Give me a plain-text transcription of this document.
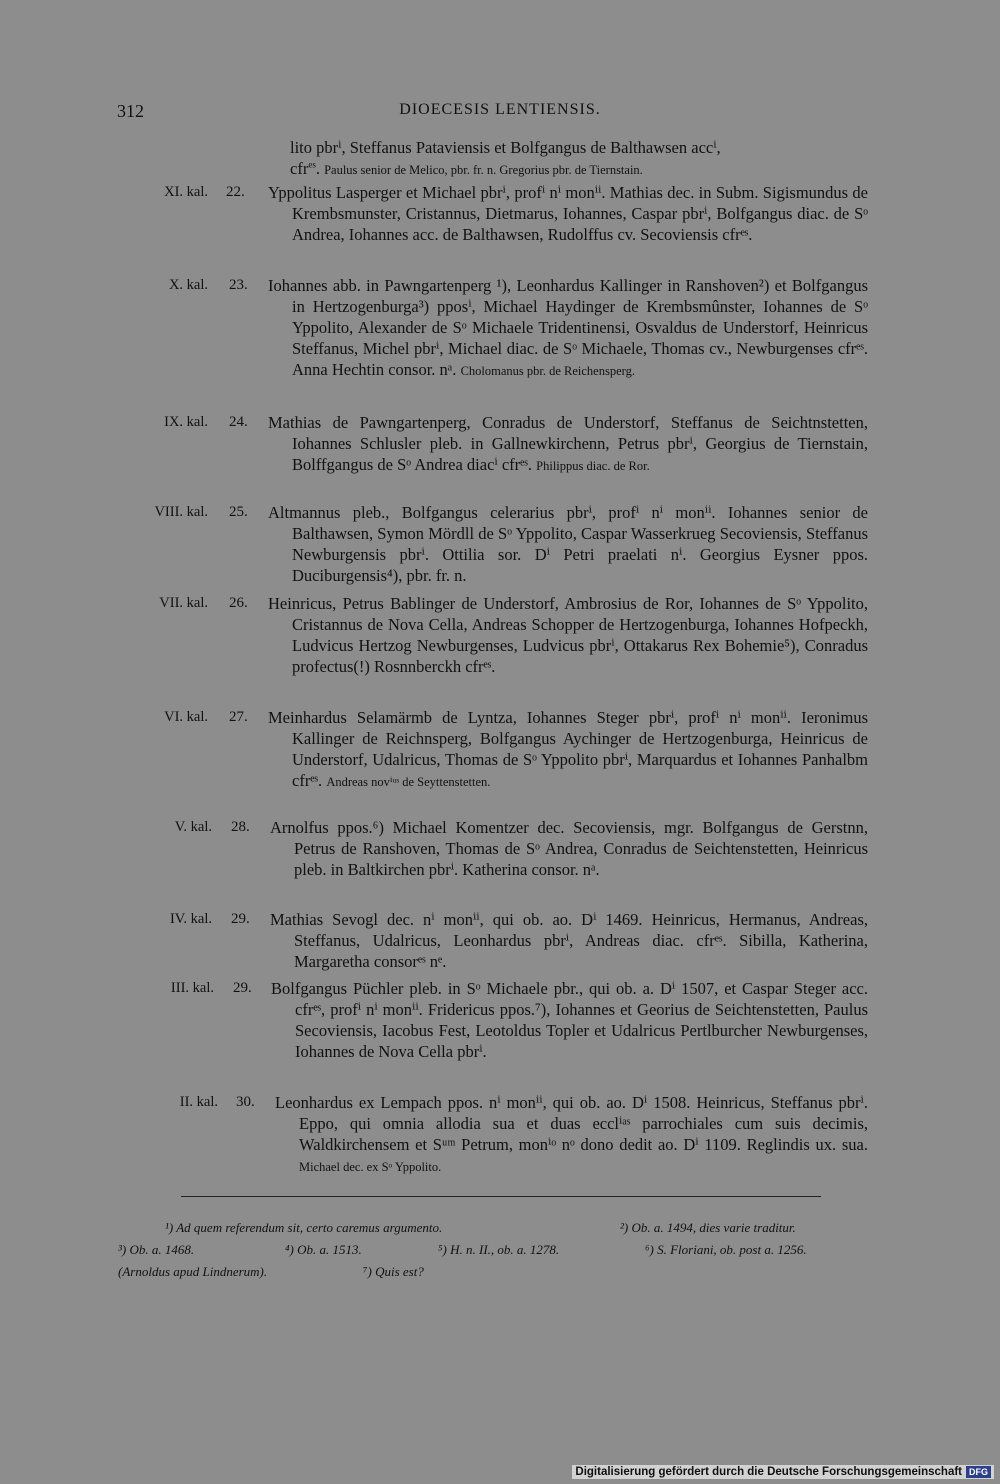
312	DIOECESIS LENTIENSIS.
lito pbrⁱ, Steffanus Pataviensis et Bolfgangus de Balthawsen accⁱ,
cfr$^{es}$. Paulus senior de Melico, pbr. fr. n. Gregorius pbr. de Tiernstain.
XI. kal. 22. Yppolitus Lasperger et Michael pbrⁱ, profⁱ nⁱ monⁱⁱ. Mathias dec. in Subm. Sigismundus de Krembsmunster, Cristannus, Dietmarus, Iohannes, Caspar pbrⁱ, Bolfgangus diac. de Sᵒ Andrea, Iohannes acc. de Balthawsen, Rudolffus cv. Secoviensis cfrᵉˢ.
X. kal. 23. Iohannes abb. in Pawngartenperg ¹), Leonhardus Kallinger in Ranshoven²) et Bolfgangus in Hertzogenburga³) pposⁱ, Michael Haydinger de Krembsmûnster, Iohannes de Sᵒ Yppolito, Alexander de Sᵒ Michaele Tridentinensi, Osvaldus de Understorf, Heinricus Steffanus, Michel pbrⁱ, Michael diac. de Sᵒ Michaele, Thomas cv., Newburgenses cfrᵉˢ. Anna Hechtin consor. nᵃ. Cholomanus pbr. de Reichensperg.
IX. kal. 24. Mathias de Pawngartenperg, Conradus de Understorf, Steffanus de Seichtnstetten, Iohannes Schlusler pleb. in Gallnewkirchenn, Petrus pbrⁱ, Georgius de Tiernstain, Bolffgangus de Sᵒ Andrea diacⁱ cfrᵉˢ. Philippus diac. de Ror.
VIII. kal. 25. Altmannus pleb., Bolfgangus celerarius pbrⁱ, profⁱ nⁱ monⁱⁱ. Iohannes senior de Balthawsen, Symon Mördll de Sᵒ Yppolito, Caspar Wasserkrueg Secoviensis, Steffanus Newburgensis pbrⁱ. Ottilia sor. Dⁱ Petri praelati nⁱ. Georgius Eysner ppos. Duciburgensis⁴), pbr. fr. n.
VII. kal. 26. Heinricus, Petrus Bablinger de Understorf, Ambrosius de Ror, Iohannes de Sᵒ Yppolito, Cristannus de Nova Cella, Andreas Schopper de Hertzogenburga, Iohannes Hofpeckh, Ludvicus Hertzog Newburgenses, Ludvicus pbrⁱ, Ottakarus Rex Bohemie⁵), Conradus profectus(!) Rosnnberckh cfrᵉˢ.
VI. kal. 27. Meinhardus Selamärmb de Lyntza, Iohannes Steger pbrⁱ, profⁱ nⁱ monⁱⁱ. Ieronimus Kallinger de Reichnsperg, Bolfgangus Aychinger de Hertzogenburga, Heinricus de Understorf, Udalricus, Thomas de Sᵒ Yppolito pbrⁱ, Marquardus et Iohannes Panhalbm cfrᵉˢ. Andreas novⁱᵘˢ de Seyttenstetten.
V. kal. 28. Arnolfus ppos.⁶) Michael Komentzer dec. Secoviensis, mgr. Bolfgangus de Gerstnn, Petrus de Ranshoven, Thomas de Sᵒ Andrea, Conradus de Seichtenstetten, Heinricus pleb. in Baltkirchen pbrⁱ. Katherina consor. nᵃ.
IV. kal. 29. Mathias Sevogl dec. nⁱ monⁱⁱ, qui ob. ao. Dⁱ 1469. Heinricus, Hermanus, Andreas, Steffanus, Udalricus, Leonhardus pbrⁱ, Andreas diac. cfrᵉˢ. Sibilla, Katherina, Margaretha consorᵉˢ nᵉ.
III. kal. 29. Bolfgangus Püchler pleb. in Sᵒ Michaele pbr., qui ob. a. Dⁱ 1507, et Caspar Steger acc. cfrᵉˢ, profⁱ nⁱ monⁱⁱ. Fridericus ppos.⁷), Iohannes et Georius de Seichtenstetten, Paulus Secoviensis, Iacobus Fest, Leotoldus Topler et Udalricus Pertlburcher Newburgenses, Iohannes de Nova Cella pbrⁱ.
II. kal. 30. Leonhardus ex Lempach ppos. nⁱ monⁱⁱ, qui ob. ao. Dⁱ 1508. Heinricus, Steffanus pbrⁱ. Eppo, qui omnia allodia sua et duas ecclⁱᵃˢ parrochiales cum suis decimis, Waldkirchensem et Sᵘᵐ Petrum, monⁱᵒ nᵒ dono dedit ao. Dⁱ 1109. Reglindis ux. sua. Michael dec. ex Sᵒ Yppolito.
¹) Ad quem referendum sit, certo caremus argumento.	²) Ob. a. 1494, dies varie traditur.
³) Ob. a. 1468.	⁴) Ob. a. 1513.	⁵) H. n. II., ob. a. 1278.	⁶) S. Floriani, ob. post a. 1256.
(Arnoldus apud Lindnerum).	⁷) Quis est?
Digitalisierung gefördert durch die Deutsche Forschungsgemeinschaft DFG
